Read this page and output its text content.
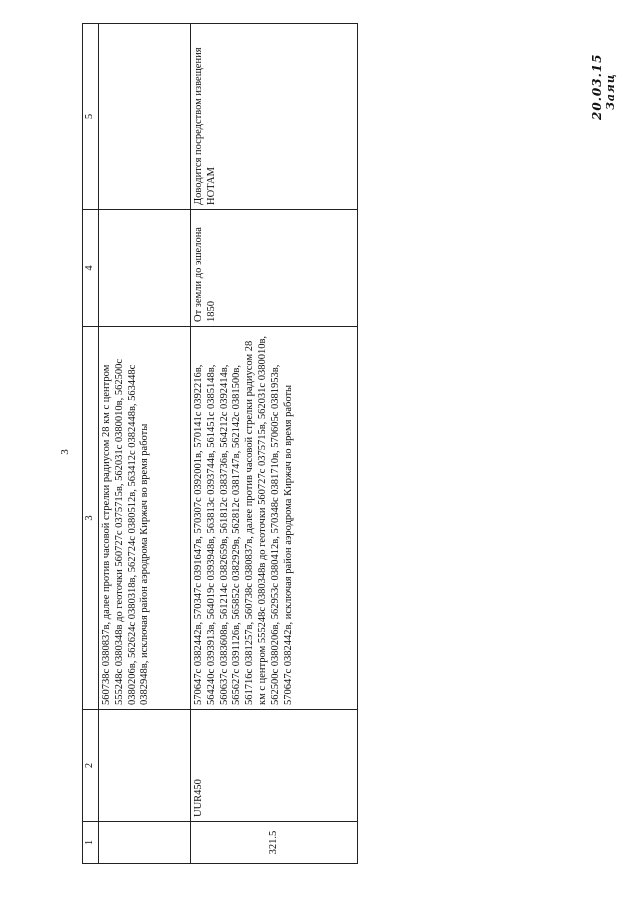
3
20.03.15 Заяц
1	2	3	4	5
		560738с 0380837в, далее против часовой стрелки радиусом 28 км с центром 555248с 0380348в до геоточки 560727с 0375715в, 562031с 0380010в, 562500с 0380206в, 562624с 0380318в, 562724с 0380512в, 563412с 0382448в, 563448с 0382948в, исключая район аэродрома Киржач во время работы		
321.5	UUR450	570647с 0382442в, 570347с 0391647в, 570307с 0392001в, 570141с 0392216в, 564240с 0393913в, 564019с 0393948в, 563813с 0393744в, 561451с 0385148в, 560637с 0383608в, 561214с 0382659в, 561812с 0383736в, 564212с 0392414в, 565627с 0391126в, 565852с 0382929в, 562812с 0381747в, 562142с 0381500в, 561716с 0381257в, 560738с 0380837в, далее против часовой стрелки радиусом 28 км с центром 555248с 0380348в до геоточки 560727с 0375715в, 562031с 0380010в, 562500с 0380206в, 562953с 0380412в, 570348с 0381710в, 570605с 0381953в, 570647с 0382442в, исключая район аэродрома Киржач во время работы	От земли до эшелона 1850	Доводится посредством извещения НОТАМ
